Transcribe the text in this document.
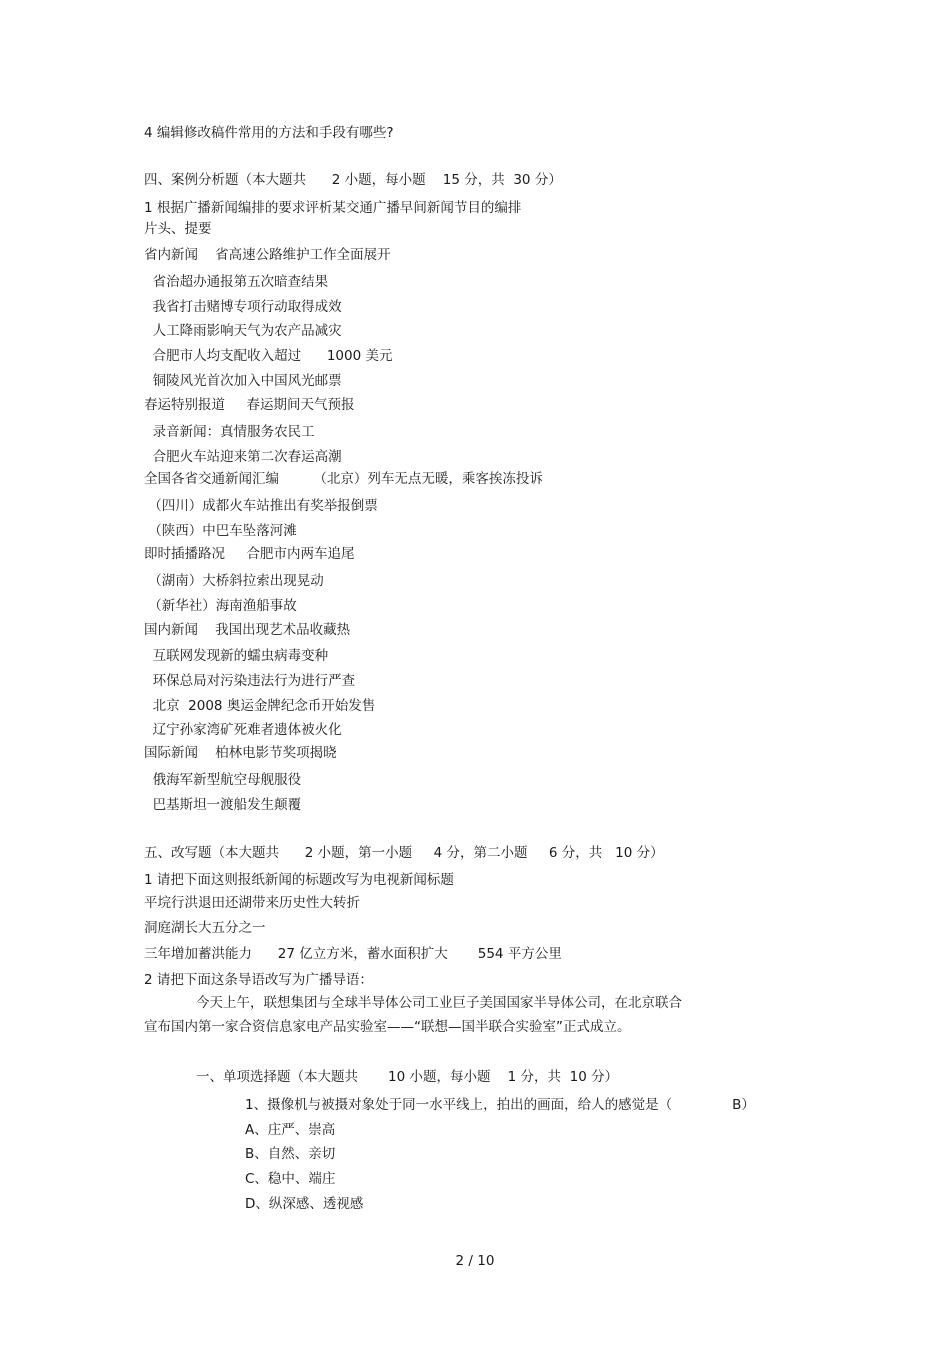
4 编辑修改稿件常用的方法和手段有哪些?
四、案例分析题（本大题共      2 小题，每小题    15 分，共  30 分）
1 根据广播新闻编排的要求评析某交通广播早间新闻节目的编排
片头、提要
省内新闻    省高速公路维护工作全面展开
省治超办通报第五次暗查结果
我省打击赌博专项行动取得成效
人工降雨影响天气为农产品减灾
合肥市人均支配收入超过      1000 美元
铜陵风光首次加入中国风光邮票
春运特别报道     春运期间天气预报
录音新闻：真情服务农民工
合肥火车站迎来第二次春运高潮
全国各省交通新闻汇编        （北京）列车无点无暖，乘客挨冻投诉
（四川）成都火车站推出有奖举报倒票
（陕西）中巴车坠落河滩
即时插播路况     合肥市内两车追尾
（湖南）大桥斜拉索出现晃动
（新华社）海南渔船事故
国内新闻    我国出现艺术品收藏热
互联网发现新的蠕虫病毒变种
环保总局对污染违法行为进行严查
北京  2008 奥运金牌纪念币开始发售
辽宁孙家湾矿死难者遗体被火化
国际新闻    柏林电影节奖项揭晓
俄海军新型航空母舰服役
巴基斯坦一渡船发生颠覆
五、改写题（本大题共      2 小题，第一小题     4 分，第二小题     6 分，共   10 分）
1 请把下面这则报纸新闻的标题改写为电视新闻标题
平垸行洪退田还湖带来历史性大转折
洞庭湖长大五分之一
三年增加蓄洪能力      27 亿立方米，蓄水面积扩大       554 平方公里
2 请把下面这条导语改写为广播导语：
今天上午，联想集团与全球半导体公司工业巨子美国国家半导体公司，在北京联合
宣布国内第一家合资信息家电产品实验室——“联想—国半联合实验室”正式成立。
一、单项选择题（本大题共       10 小题，每小题    1 分，共  10 分）
1、摄像机与被摄对象处于同一水平线上，拍出的画面，给人的感觉是（              B）
A、庄严、崇高
B、自然、亲切
C、稳中、端庄
D、纵深感、透视感
2 / 10
